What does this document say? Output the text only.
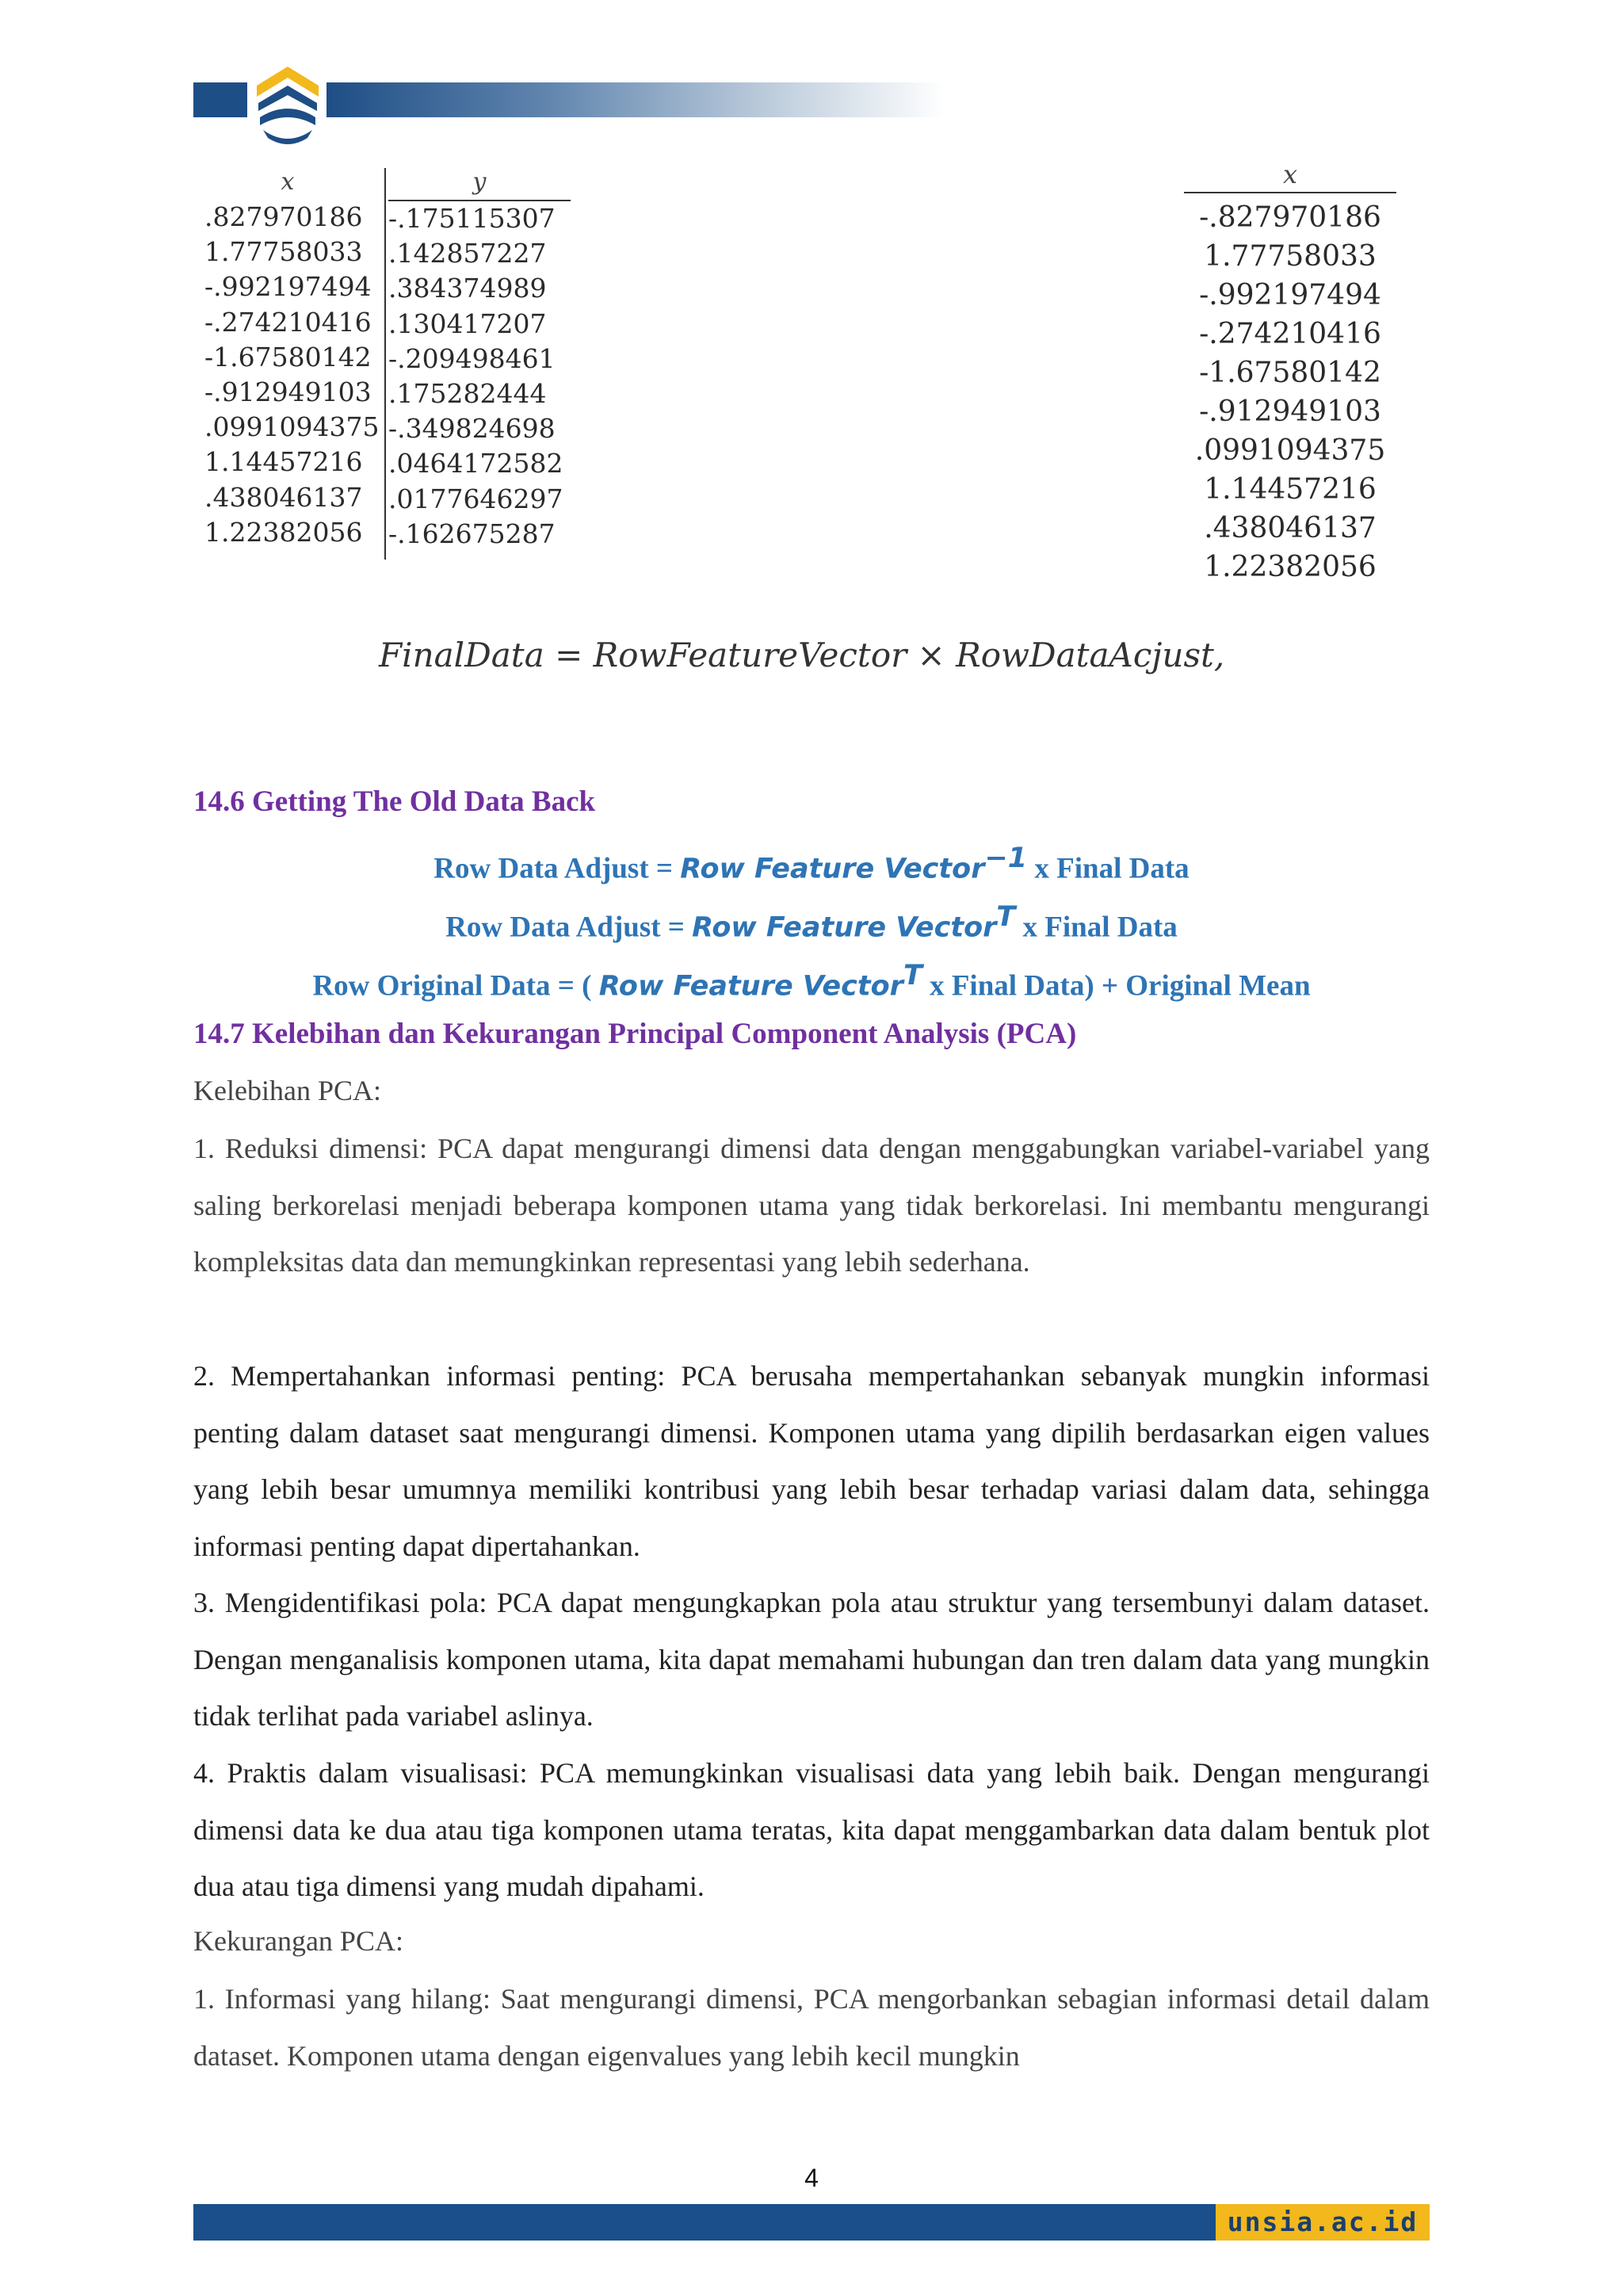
x
.827970186
1.77758033
-.992197494
-.274210416
-1.67580142
-.912949103
.0991094375
1.14457216
.438046137
1.22382056
y
-.175115307
.142857227
.384374989
.130417207
-.209498461
.175282444
-.349824698
.0464172582
.0177646297
-.162675287
x
-.827970186
1.77758033
-.992197494
-.274210416
-1.67580142
-.912949103
.0991094375
1.14457216
.438046137
1.22382056
FinalData = RowFeatureVector × RowDataAcjust,
14.6 Getting The Old Data Back
Row Data Adjust = Row Feature Vector$^{-1}$ x Final Data
Row Data Adjust = Row Feature Vector$^T$ x Final Data
Row Original Data = ( Row Feature Vector$^T$ x Final Data) + Original Mean
14.7 Kelebihan dan Kekurangan Principal Component Analysis (PCA)
Kelebihan PCA:
1. Reduksi dimensi: PCA dapat mengurangi dimensi data dengan menggabungkan variabel-variabel yang saling berkorelasi menjadi beberapa komponen utama yang tidak berkorelasi. Ini membantu mengurangi kompleksitas data dan memungkinkan representasi yang lebih sederhana.
2. Mempertahankan informasi penting: PCA berusaha mempertahankan sebanyak mungkin informasi penting dalam dataset saat mengurangi dimensi. Komponen utama yang dipilih berdasarkan eigen values yang lebih besar umumnya memiliki kontribusi yang lebih besar terhadap variasi dalam data, sehingga informasi penting dapat dipertahankan.
3. Mengidentifikasi pola: PCA dapat mengungkapkan pola atau struktur yang tersembunyi dalam dataset. Dengan menganalisis komponen utama, kita dapat memahami hubungan dan tren dalam data yang mungkin tidak terlihat pada variabel aslinya.
4. Praktis dalam visualisasi: PCA memungkinkan visualisasi data yang lebih baik. Dengan mengurangi dimensi data ke dua atau tiga komponen utama teratas, kita dapat menggambarkan data dalam bentuk plot dua atau tiga dimensi yang mudah dipahami.
Kekurangan PCA:
1. Informasi yang hilang: Saat mengurangi dimensi, PCA mengorbankan sebagian informasi detail dalam dataset. Komponen utama dengan eigenvalues yang lebih kecil mungkin
4
unsia.ac.id
